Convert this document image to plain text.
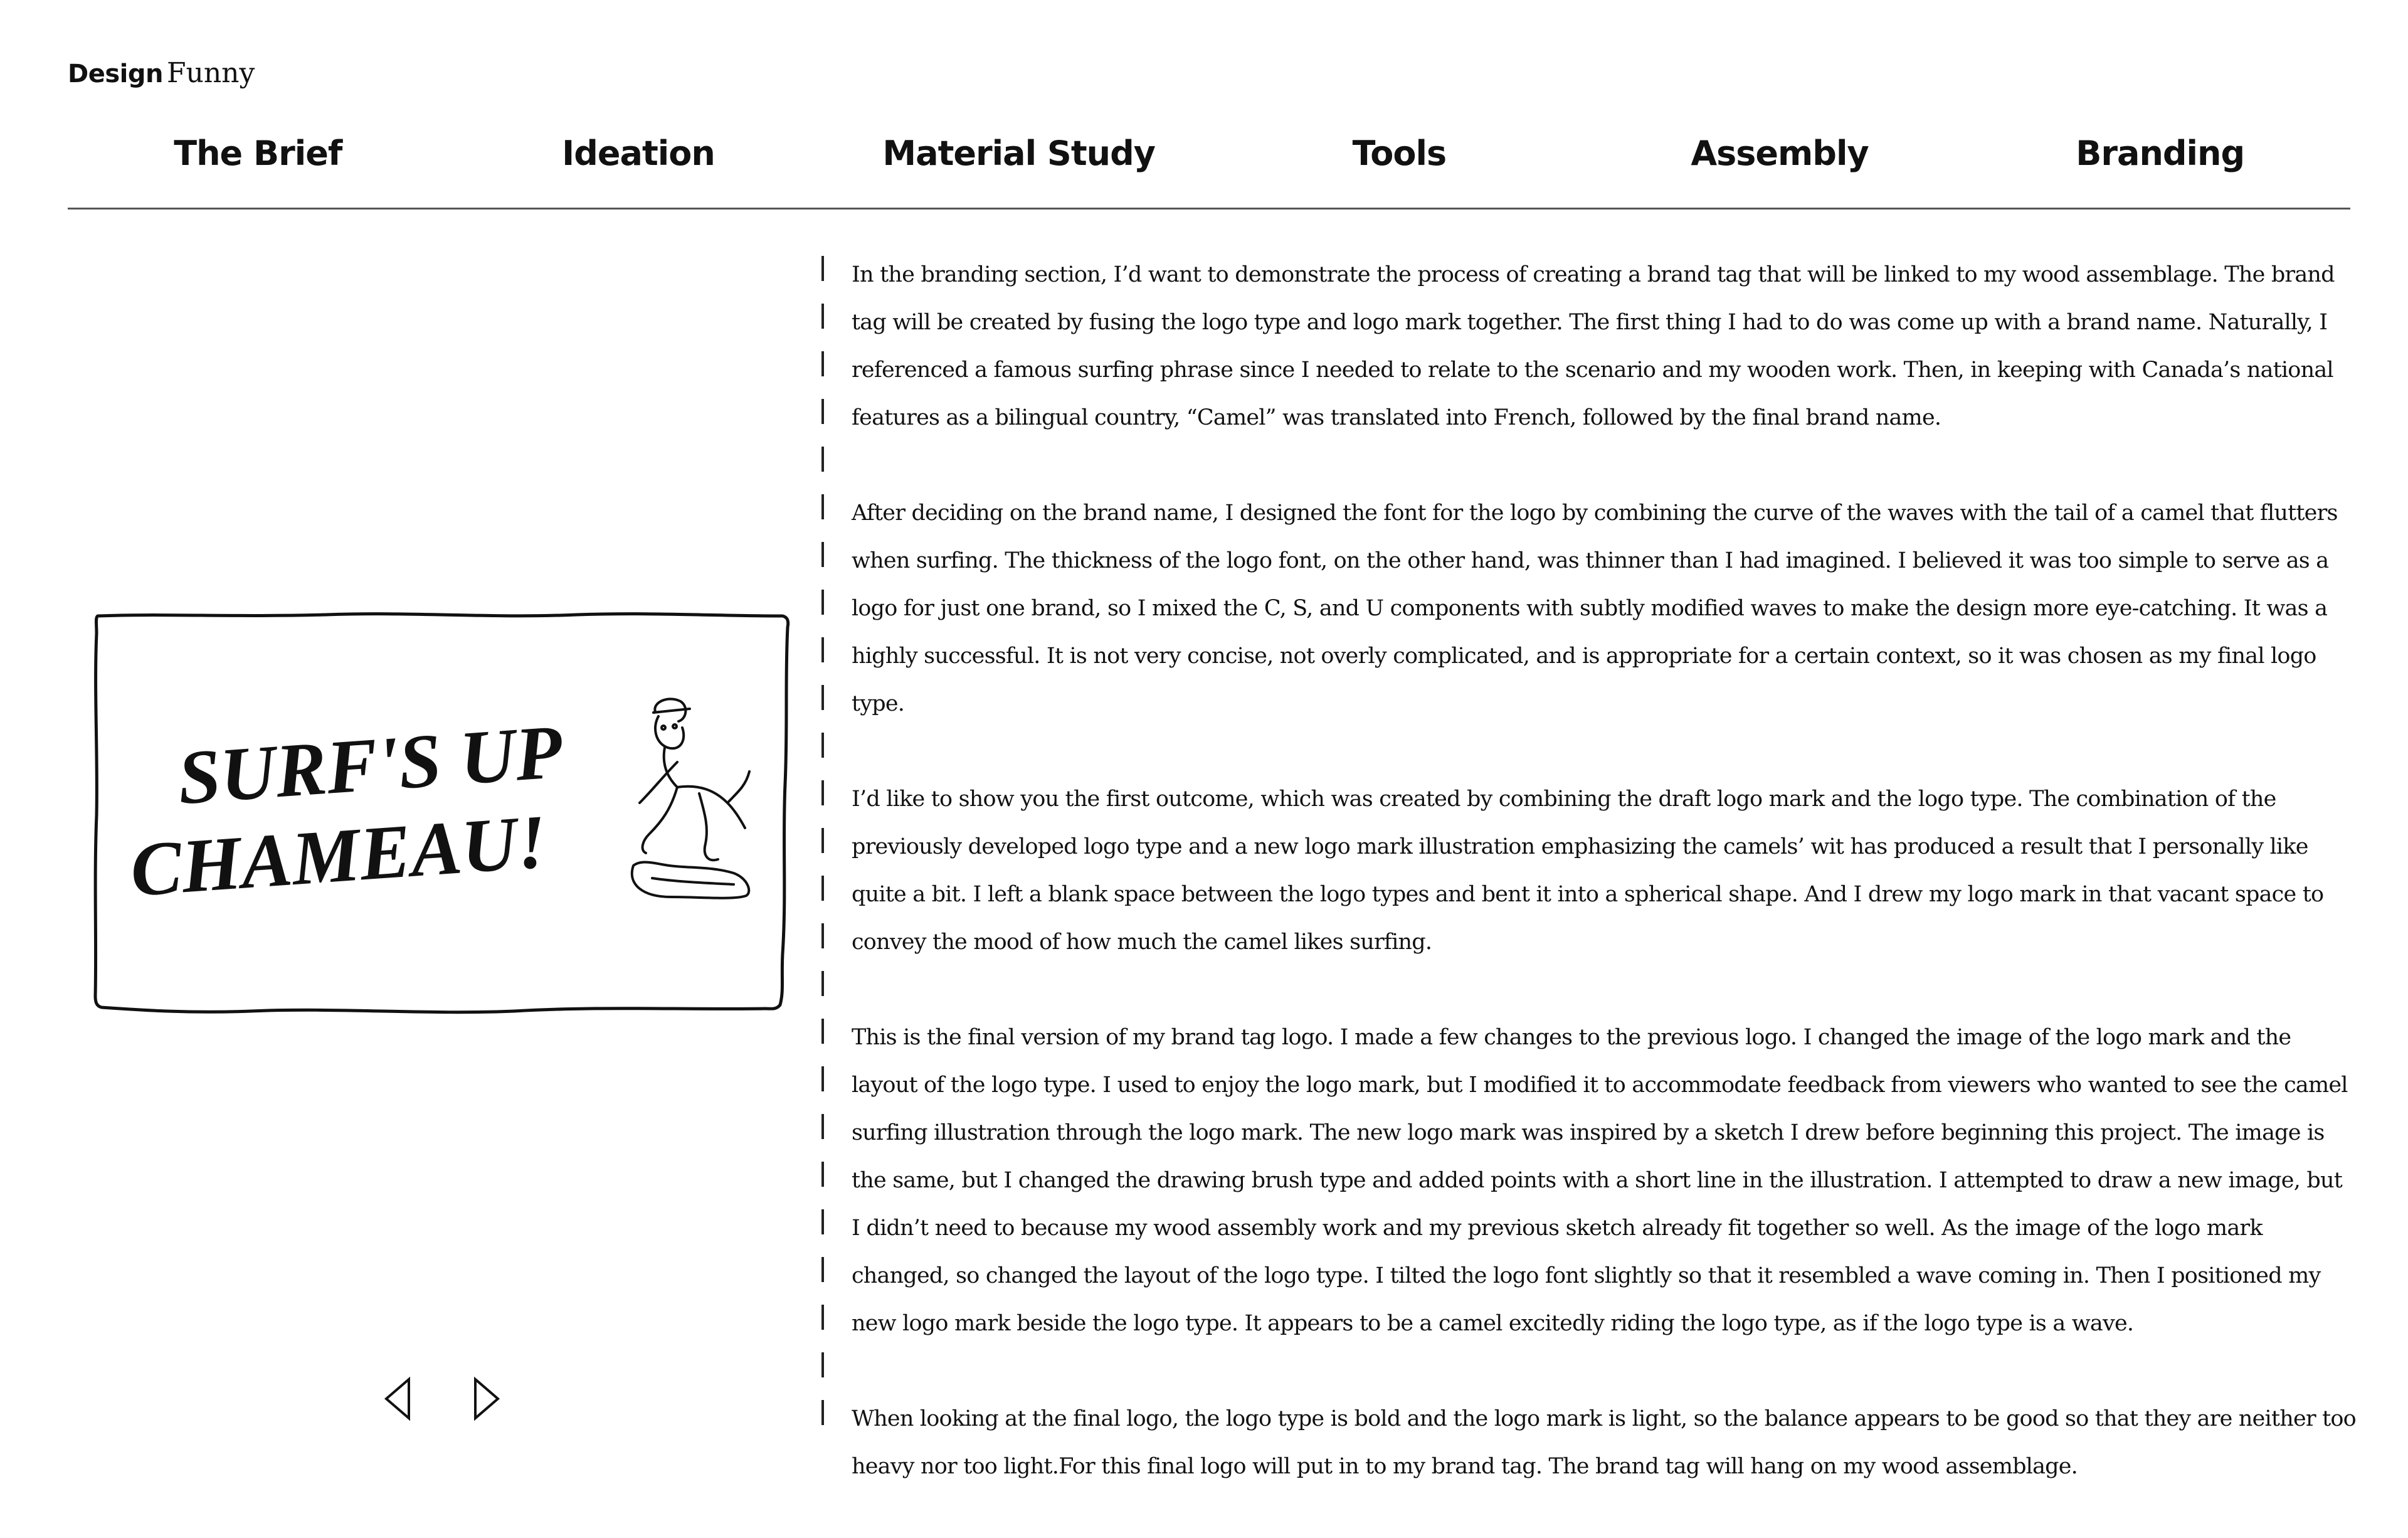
Design Funny
The Brief	Ideation	Material Study	Tools	Assembly	Branding
SURF'S UP
CHAMEAU!

In the branding section, I’d want to demonstrate the process of creating a brand tag that will be linked to my wood assemblage. The brand tag will be created by fusing the logo type and logo mark together. The first thing I had to do was come up with a brand name. Naturally, I referenced a famous surfing phrase since I needed to relate to the scenario and my wooden work. Then, in keeping with Canada’s national features as a bilingual country, “Camel” was translated into French, followed by the final brand name.

After deciding on the brand name, I designed the font for the logo by combining the curve of the waves with the tail of a camel that flutters when surfing. The thickness of the logo font, on the other hand, was thinner than I had imagined. I believed it was too simple to serve as a logo for just one brand, so I mixed the C, S, and U components with subtly modified waves to make the design more eye-catching. It was a highly successful. It is not very concise, not overly complicated, and is appropriate for a certain context, so it was chosen as my final logo type.

I’d like to show you the first outcome, which was created by combining the draft logo mark and the logo type. The combination of the previously developed logo type and a new logo mark illustration emphasizing the camels’ wit has produced a result that I personally like quite a bit. I left a blank space between the logo types and bent it into a spherical shape. And I drew my logo mark in that vacant space to convey the mood of how much the camel likes surfing.

This is the final version of my brand tag logo. I made a few changes to the previous logo. I changed the image of the logo mark and the layout of the logo type. I used to enjoy the logo mark, but I modified it to accommodate feedback from viewers who wanted to see the camel surfing illustration through the logo mark. The new logo mark was inspired by a sketch I drew before beginning this project. The image is the same, but I changed the drawing brush type and added points with a short line in the illustration. I attempted to draw a new image, but I didn’t need to because my wood assembly work and my previous sketch already fit together so well. As the image of the logo mark changed, so changed the layout of the logo type. I tilted the logo font slightly so that it resembled a wave coming in. Then I positioned my new logo mark beside the logo type. It appears to be a camel excitedly riding the logo type, as if the logo type is a wave.

When looking at the final logo, the logo type is bold and the logo mark is light, so the balance appears to be good so that they are neither too heavy nor too light.For this final logo will put in to my brand tag. The brand tag will hang on my wood assemblage.
